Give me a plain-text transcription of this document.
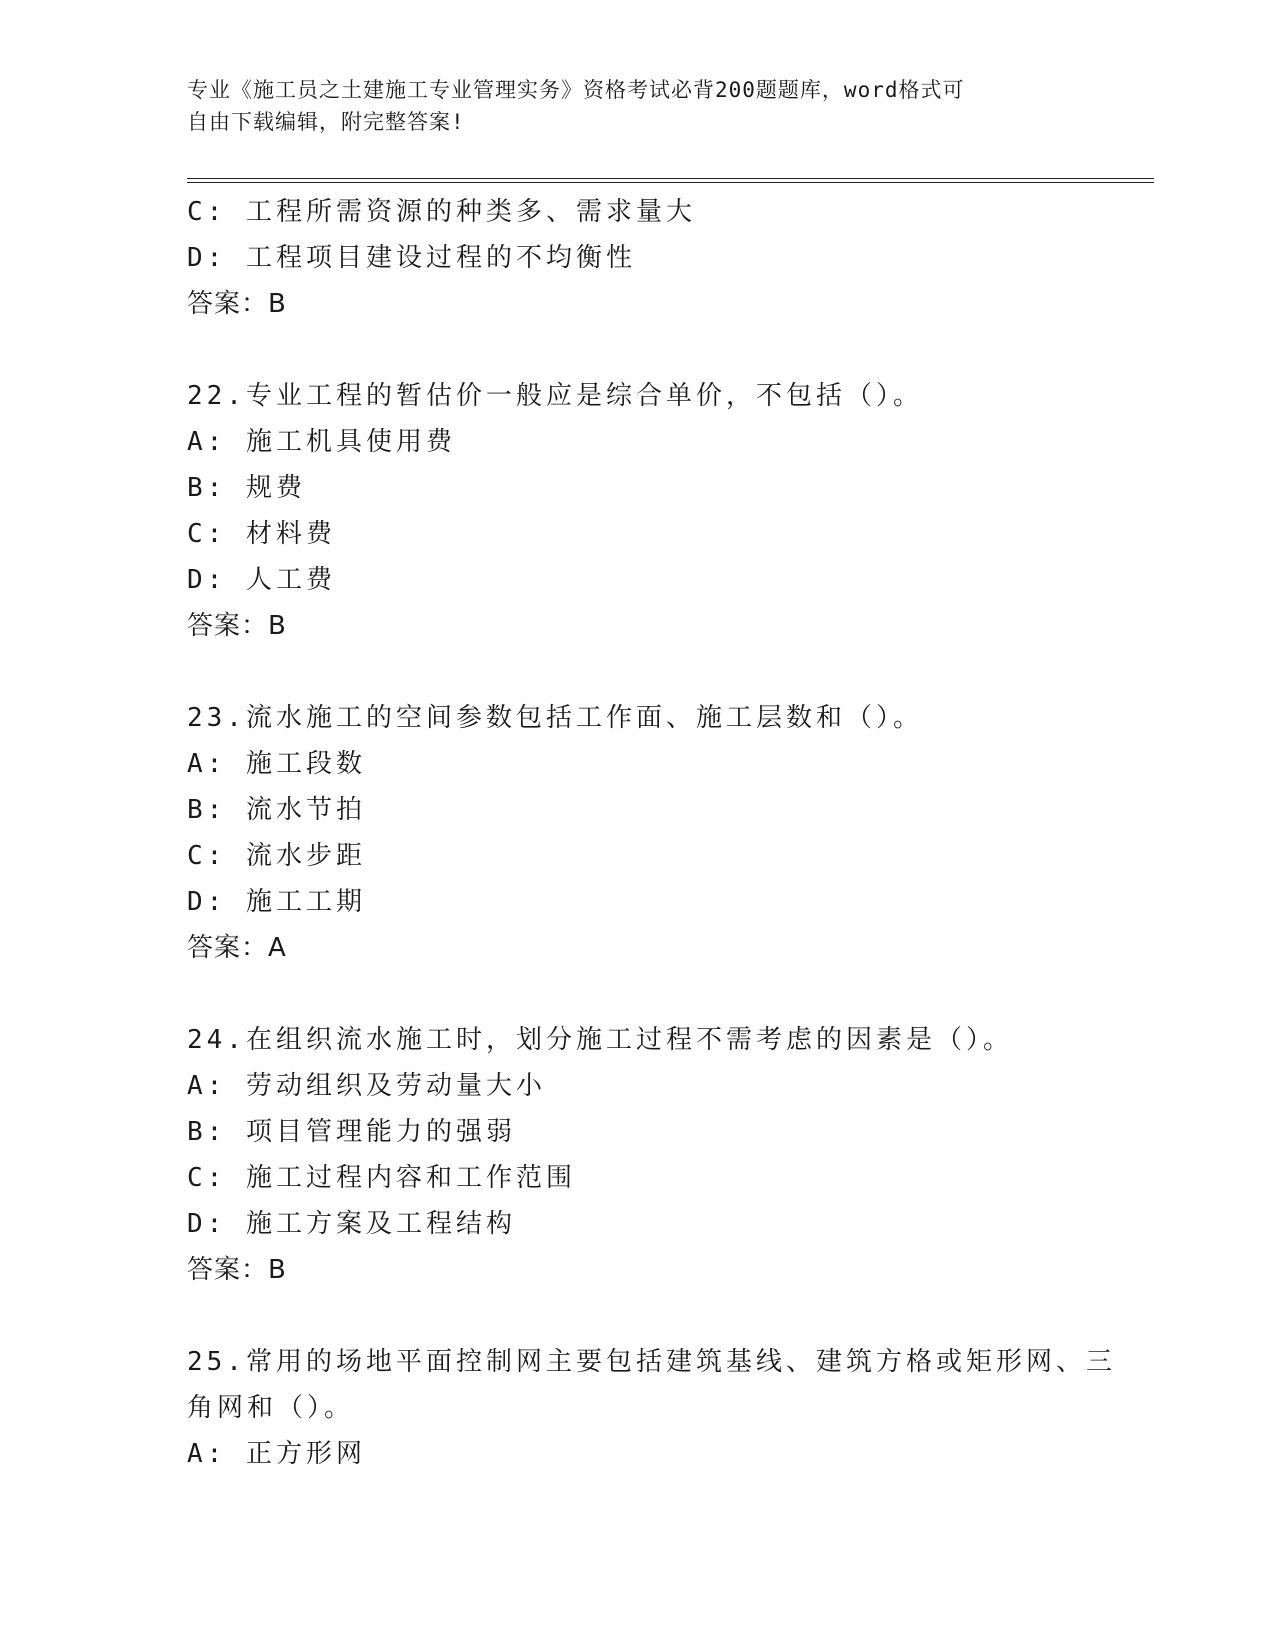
专业《施工员之土建施工专业管理实务》资格考试必背200题题库，word格式可
自由下载编辑，附完整答案!
C: 工程所需资源的种类多、需求量大
D: 工程项目建设过程的不均衡性
答案：B
22.专业工程的暂估价一般应是综合单价，不包括（）。
A: 施工机具使用费
B: 规费
C: 材料费
D: 人工费
答案：B
23.流水施工的空间参数包括工作面、施工层数和（）。
A: 施工段数
B: 流水节拍
C: 流水步距
D: 施工工期
答案：A
24.在组织流水施工时，划分施工过程不需考虑的因素是（）。
A: 劳动组织及劳动量大小
B: 项目管理能力的强弱
C: 施工过程内容和工作范围
D: 施工方案及工程结构
答案：B
25.常用的场地平面控制网主要包括建筑基线、建筑方格或矩形网、三
角网和（）。
A: 正方形网
